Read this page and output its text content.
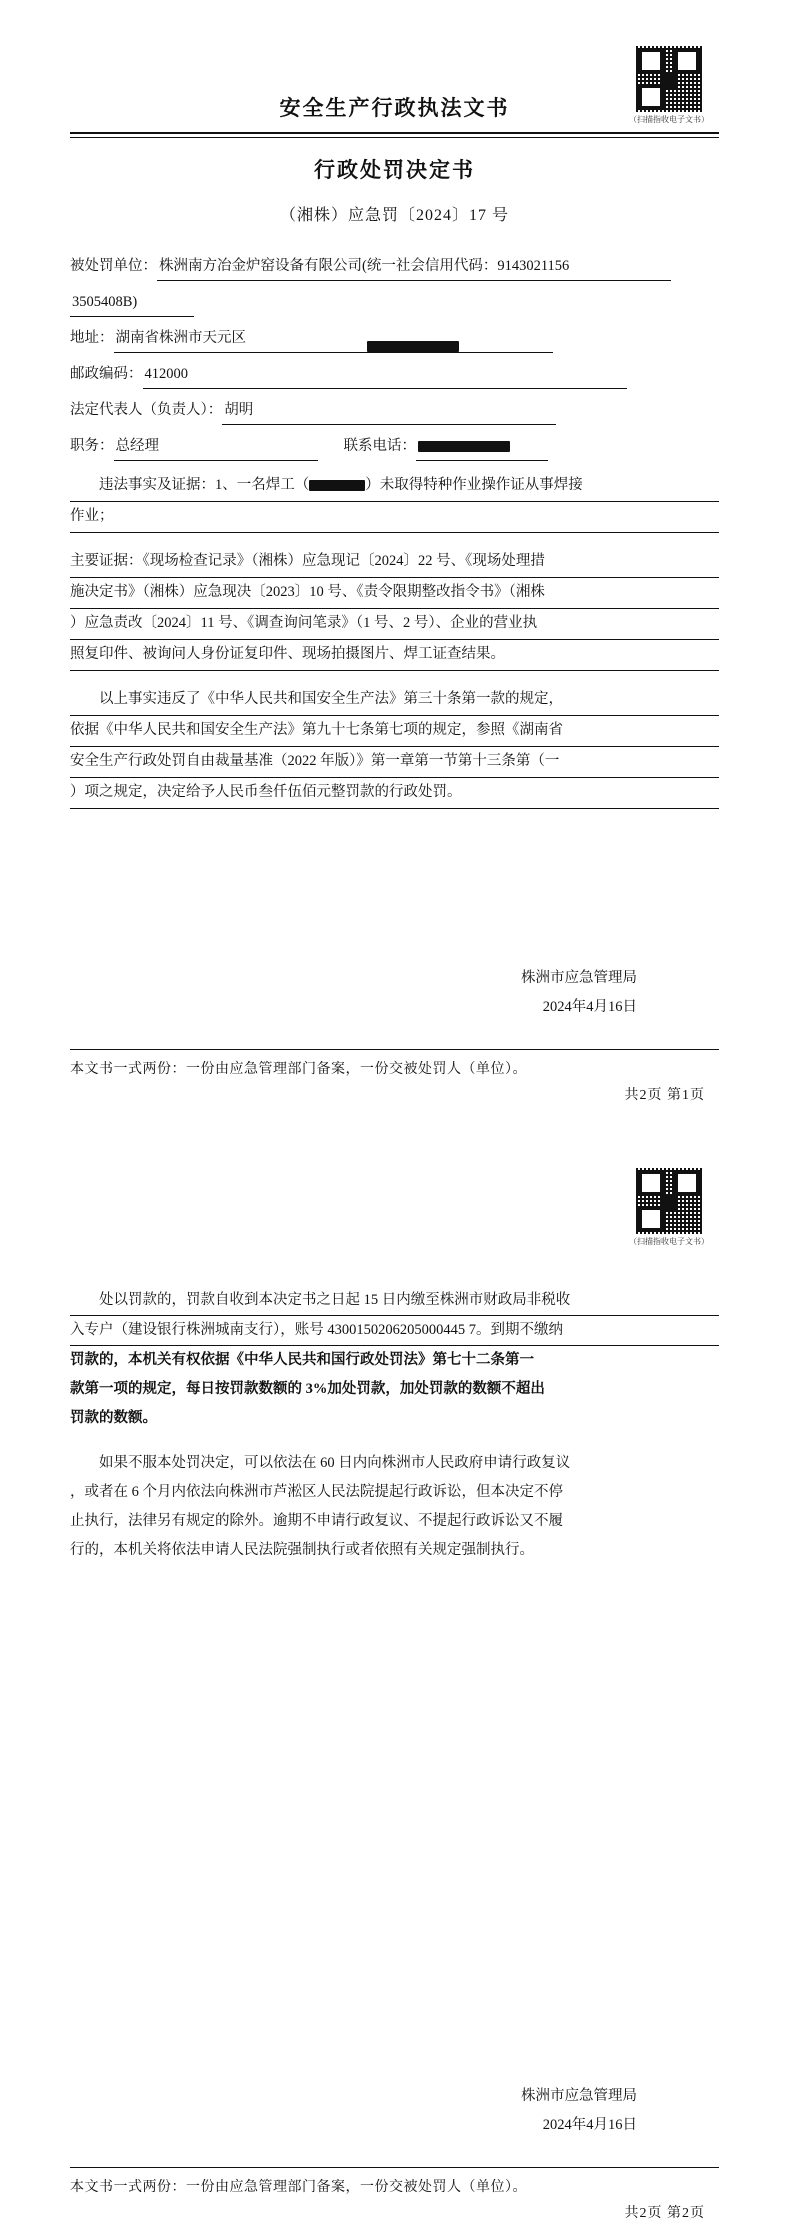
（扫描指收电子文书）
安全生产行政执法文书
行政处罚决定书
（湘株）应急罚〔2024〕17 号
被处罚单位： 株洲南方冶金炉窑设备有限公司(统一社会信用代码：9143021156
3505408B)
地址： 湖南省株洲市天元区
邮政编码： 412000
法定代表人（负责人）： 胡明
职务： 总经理	联系电话：
违法事实及证据：1、一名焊工（	）未取得特种作业操作证从事焊接
作业；
主要证据：《现场检查记录》（湘株）应急现记〔2024〕22 号、《现场处理措
施决定书》（湘株）应急现决〔2023〕10 号、《责令限期整改指令书》（湘株
）应急责改〔2024〕11 号、《调查询问笔录》（1 号、2 号）、企业的营业执
照复印件、被询问人身份证复印件、现场拍摄图片、焊工证查结果。
　　以上事实违反了《中华人民共和国安全生产法》第三十条第一款的规定，
依据《中华人民共和国安全生产法》第九十七条第七项的规定，参照《湖南省
安全生产行政处罚自由裁量基准（2022 年版）》第一章第一节第十三条第（一
）项之规定，决定给予人民币叁仟伍佰元整罚款的行政处罚。
株洲市应急管理局
2024年4月16日
本文书一式两份：一份由应急管理部门备案，一份交被处罚人（单位）。
共2页 第1页
（扫描指收电子文书）
　　处以罚款的，罚款自收到本决定书之日起 15 日内缴至株洲市财政局非税收
入专户（建设银行株洲城南支行），账号 4300150206205000445 7。到期不缴纳
罚款的，本机关有权依据《中华人民共和国行政处罚法》第七十二条第一
款第一项的规定，每日按罚款数额的 3%加处罚款，加处罚款的数额不超出
罚款的数额。
　　如果不服本处罚决定，可以依法在 60 日内向株洲市人民政府申请行政复议
，或者在 6 个月内依法向株洲市芦淞区人民法院提起行政诉讼，但本决定不停
止执行，法律另有规定的除外。逾期不申请行政复议、不提起行政诉讼又不履
行的，本机关将依法申请人民法院强制执行或者依照有关规定强制执行。
株洲市应急管理局
2024年4月16日
本文书一式两份：一份由应急管理部门备案，一份交被处罚人（单位）。
共2页 第2页
